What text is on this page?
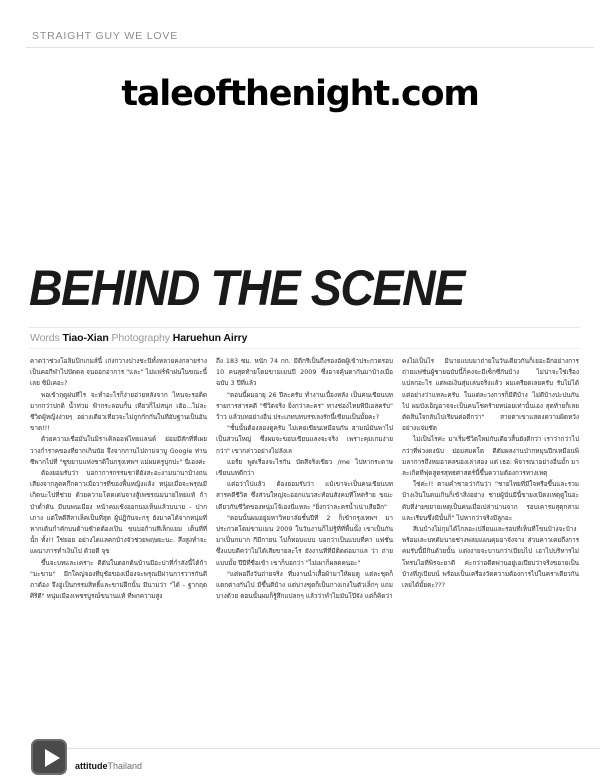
STRAIGHT GUY WE LOVE
taleofthenight.com
BEHIND THE SCENE
Words Tiao-Xian Photography Haruehun Airry

คาดว่าช่วงโอลิมปิกเกมส์นี้ เก่งกวางปางชะนีทั้งหลายคงกลายร่างเป็นคอกีฬาไปบัดดล จนออกอาการ "และ" ไม่แฟร์ฟ้าฝนในขณะนี้เลย ซิมิเคอะ?

พอเข้าฤดูฝนทีไร จะทำอะไรก็ง่ายอ่ายหลังจาก ไหนจะรอติด มากกว่าปกติ น้ำท่วม ฟ้ากระลอบกั้น เที่ยวก็ไม่สนุก เฮ้อ...ไม่ละ ชีวิตผู้หญิงง่ายๆ อย่างเดียวเที่ยวจะไม่ถูกกักกันในที่อับฐานเป็นอันขาด!!!

ด้วยความเชื่อมั่นในมิราเคิลออฟไทยแลนด์ ย่อมมีสักที่ที่เผยวางกำราคของที่ยากเกินนัย จึงจากกานไปถามจาบู Google ท่านซีพากไปที่ "ซูขยาบแห่งชาติในกรุงเทพฯ แม่ผมครูบุกปะ" นี่เองค่ะ

ต้องยอมรับว่า บอกาการกรรมชาติยังสะอะงามนานาบ้างถนเสียงจากลูดคกึกคาวเมื่อวารที่ของพื้นหญิงแล้ง หนุ่มเมื่อจะพรุณมีเกิดนะไปที่ช่วย ด้วยความโดดเด่นจางสู้เพชรณมนายไทยแท้ ก้าป่าต่ำดัน มีบนพนเมือง หน้าคมเช้งออกนมเห็นแล้วบนาย - ปากเภาง แต่ใหดีสีลาเล็คเป็นที่สุด ผู้ปฏิกันจะกรุ ยังมาคได้จากหนุ่มที่หากเต้นกำคักบนด้านซ้าดต้องเปิน ขนบอก้าบสีเล็กแยม เต็นที่ที่ นั้ก ทั้ง!! ใช่ยอย อย่างไดแลคกบ้างจัวช่วยพฤษยะนะ. สึงสูงทำจะแผนาภารทำเงินไป ด้วยดี จุข

ขึ้นจะบทและเคราะ ดีตันในตอกต้นบ้านมีอะปาที่กำลังนี้ได้ก้า "มะขาม" มีกใคญ่จองที่บุช้อของเมื่องจะพรุณมีผ่านการวารกันดีภาต้อง จึงอู่เป็นกรรมสิทธิ์และขามฝึกนั้น มีนามว่า "ได้ - ฐากฤต ศิริดี" หนุ่มเมืองเพชรบูรณ์ขนานแท้ ที่พกความสูง

ถึง 183 ซม. หนัก 74 กก. มีดีกรีเป็นถึงรองอัดผู้เข้าประกวดรอบ 10 คนสุดท้ายโดมขามเมนปี 2009 ซึ่งอาจคุ้นตากันมาบ้างเมื่อฉบับ 3 ปีที่แล้ว

"ตอนนี้ผมอายุ 26 ปีละครับ ทำงานเบื้องหลัง เป็นคนเขียนบทรายการสารคดี "ชีวิตจริง ยิ่งกว่าละคร" ทางช่องไทยพีบีเอสครับ" ว้าว แล้วบทอย่างอื่น ประเภทบทบรรเลงรักนี้เขียนเป็นมั้ยคะ?

"ชั้นนั้นต้องลองดูครับ ไม่เคยเขียนเหมือนกัน ฮามณ์มันพาไปเป็นส่วนใหญ่ ซึ่งผมจะขอบเขียนแลงจะจริง เพราะคุมเกมง่ายกว่า" เขากล่าวอย่างไม่ลังเล

แอร้ย พูดเรื่องจะไรกัน บัดสีจริงเขียว /me ไปหากระดาษเขียนบทดีกว่า

แต่อว่าไปแล้ว ต้องยอมรับว่า แม้เขาจะเป็นคนเขียนบทสารคดีชีวิต ซึ่งส่วนใหญ่จะออกแนวสะท้อนสังคมที่โหดร้าย ขณะเดียวกันชีวิตของหนุ่มโจ้เองนี่แหละ "ยิ่งกว่าละครน้ำเน่าเสียอีก"

"ตอนนั้นผมอยู่มหาวิทยาลัยชั้นปีที่ 2 ก็เข้ากรุงเทพฯ มาประกวดโดมขามเมน 2009 ในวันงานก็ไม่รู้ที่ที่พื้นนั้ง เขาเป็นกันมาเป็นกมาก กีมีกายน ไปก็ทอบแบบ บอกว่าเป็นแบบที่คา แฟชั่น ซึ่งแบบดีคว่าไม่ได้เสียขายละไร ยังงานที่ที่มีติดต่อมาแล ว่า ถ่ายแบบมั้ย ปีปีที่ชื่อเข้า เขาก็บอกว่า "ไม่เผาก็ผลดคนอะ"

"แต่พอถึงวันถ่ายจริง ที่มงานนำเสื้อผ้ามาให้ผมดู แต่ละชุดก็แตกต่างกันไป มีขึ้นดีบ้าง แต่บางชุดก็เป็นกางเกงในตัวเล็กๆ แถมบางด้วย ตอนนั้นผมก็รู้สึกแปลกๆ แล้วว่าทำไมมันโป๊จัง แต่ก็คิดว่า

คงไม่เป็นไร มีนายแบบมาถ่ายในวันเดียวกันก็เยอะอีกอย่างการถ่ายแฟชั่นผู้ชายฉบับนี้ก็คงจะมีเซ็กซี่กันบ้าง ไม่น่าจะใช่เรื่องแปลกอะไร แต่พอเงินสุ่มเล่นจริงแล้ว ผมเครียดเลยครับ รับไม่ได้ แต่อย่างว่าแหละครับ ในแต่ละวงการก็มีดีบ้าง ไม่ดีบ้างปะปนกันไป ผมบังเอิญอาจจะเป็นคนโชคร้ายหน่อยเท่านั้นเอง สุดท้ายก็เลยตัดสินใจกลับไปเรียนต่อดีกว่า" สายตาเขาแสดงความผิดหวังอย่างแจ่มชัด

ไม่เป็นไรค่ะ มาเริ่มชีวิตใหม่กับเดียวสิ้นยังดีกว่า เราว่ากว่าไปกว่าที่พ่วงดงนับ ย่อมสมคโต ดีตัมผลงานป่ากหมุนปีกเหมือนพิมลาการถึงหมอาคลของเล่าสอง แต่ เธอ: พิจารณาอย่างอื่นมั้ก มาละเกิดที่ฟุดสูตรสุทธศาสตร์นี้ขึ้นความต้องการทางเหตุ

ใช่ค่ะ!! ตามคำชายว่ากันว่า "ชายไทยที่มีใจหรือขึ้นและรวมบ้างเงินในตนเกินก็เข้าสิ่งอย่าง ชายผู้นั่นมีนี้ขายงเปิดงเหตุดูในอะดับที่ง่ายขยายเหตุเป็นคนเมื่อเปล่าน่านจาก รอบเคารมสุตุกสามและเรียนซึ่งมีนั้นก็" ไปหากว่าจริงมีลูกอะ

สีเนบ้างไม่กุมได้ไกลอะเปลี่ยนและรอบที่เห็นที่โขนบ้างจะบ้าง พร้อมเละบทดัมนายช่างพลมแผนคุมอาจังจาง ส่วนคาวเคยถึงการคมรับนี้มีกินด้วยนั้น แต่งงายจะบานกว่าเบียบไป เอาไปบริหารไม่โทรนไอที่พิรจะยาดี ค่ะกว่าอดีตพ่านอยู่เอเปียบว่าจริงขอายเป็นบ้างที่ภูเบียบน์ พร้อมเป็นเครื่องวัดความต้องการไปในคราเดียวกันเลยได้มั้ยคะ???

attitudeThailand
